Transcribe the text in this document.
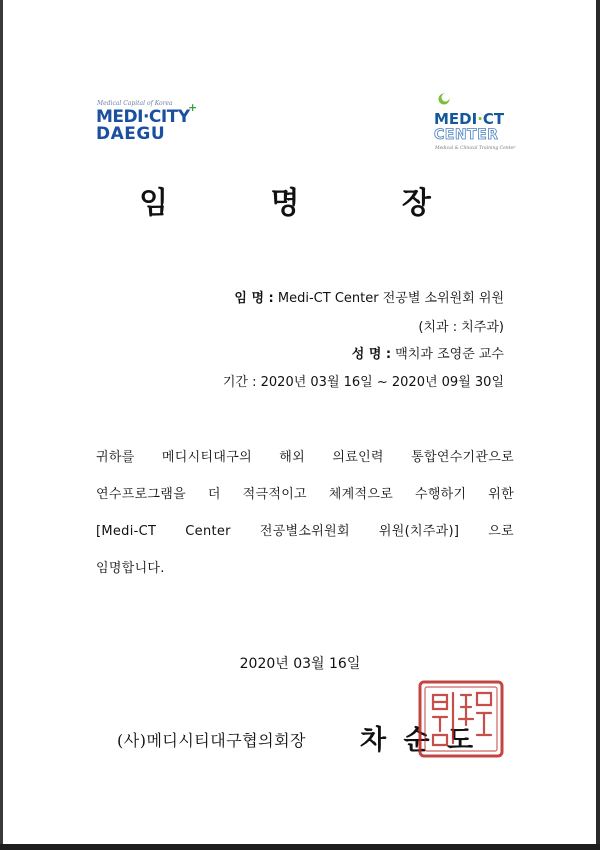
Medical Capital of Korea
MEDI·CITY
+
DAEGU
MEDI·CT
CENTER
Medical & Clinical Training Center
임 명 장
임 명 : Medi-CT Center 전공별 소위원회 위원
(치과 : 치주과)
성 명 : 맥치과 조영준 교수
기간 : 2020년 03월 16일 ~ 2020년 09월 30일
귀하를 메디시티대구의 해외 의료인력 통합연수기관으로
연수프로그램을 더 적극적이고 체계적으로 수행하기 위한
[Medi-CT Center 전공별소위원회 위원(치주과)] 으로
임명합니다.
2020년 03월 16일
(사)메디시티대구협의회장 차 순 도
